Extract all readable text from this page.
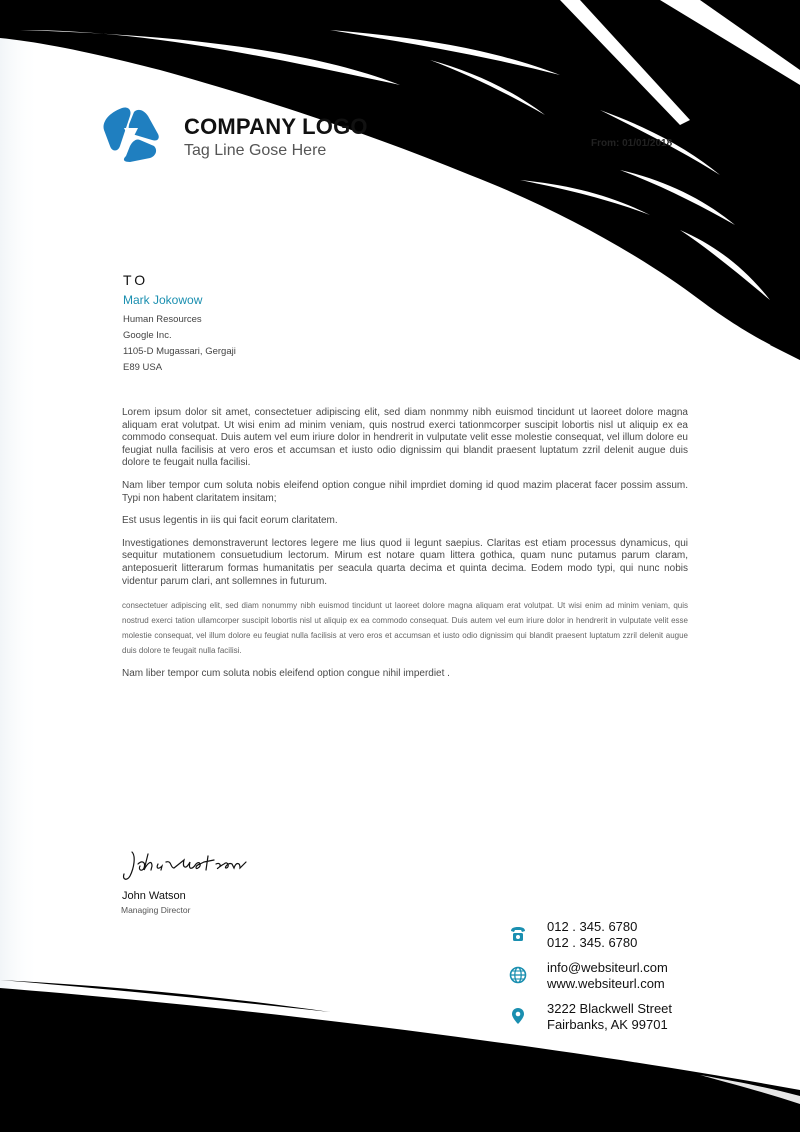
COMPANY LOGO
Tag Line Gose Here	From: 01/01/2018
TO
Mark Jokowow
Human Resources
Google Inc.
1105-D Mugassari, Gergaji
E89 USA

Lorem ipsum dolor sit amet, consectetuer adipiscing elit, sed diam nonmmy nibh euismod tincidunt ut laoreet dolore magna aliquam erat volutpat. Ut wisi enim ad minim veniam, quis nostrud exerci tationmcorper suscipit lobortis nisl ut aliquip ex ea commodo consequat. Duis autem vel eum iriure dolor in hendrerit in vulputate velit esse molestie consequat, vel illum dolore eu feugiat nulla facilisis at vero eros et accumsan et iusto odio dignissim qui blandit praesent luptatum zzril delenit augue duis dolore te feugait nulla facilisi.

Nam liber tempor cum soluta nobis eleifend option congue nihil imprdiet doming id quod mazim placerat facer possim assum. Typi non habent claritatem insitam;

Est usus legentis in iis qui facit eorum claritatem.

Investigationes demonstraverunt lectores legere me lius quod ii legunt saepius. Claritas est etiam processus dynamicus, qui sequitur mutationem consuetudium lectorum. Mirum est notare quam littera gothica, quam nunc putamus parum claram, anteposuerit litterarum formas humanitatis per seacula quarta decima et quinta decima. Eodem modo typi, qui nunc nobis videntur parum clari, ant sollemnes in futurum.

consectetuer adipiscing elit, sed diam nonummy nibh euismod tincidunt ut laoreet dolore magna aliquam erat volutpat. Ut wisi enim ad minim veniam, quis nostrud exerci tation ullamcorper suscipit lobortis nisl ut aliquip ex ea commodo consequat. Duis autem vel eum iriure dolor in hendrerit in vulputate velit esse molestie consequat, vel illum dolore eu feugiat nulla facilisis at vero eros et accumsan et iusto odio dignissim qui blandit praesent luptatum zzril delenit augue duis dolore te feugait nulla facilisi.

Nam liber tempor cum soluta nobis eleifend option congue nihil imperdiet .

John Watson
Managing Director
012 . 345. 6780
012 . 345. 6780
info@websiteurl.com
www.websiteurl.com
3222 Blackwell Street
Fairbanks, AK 99701
